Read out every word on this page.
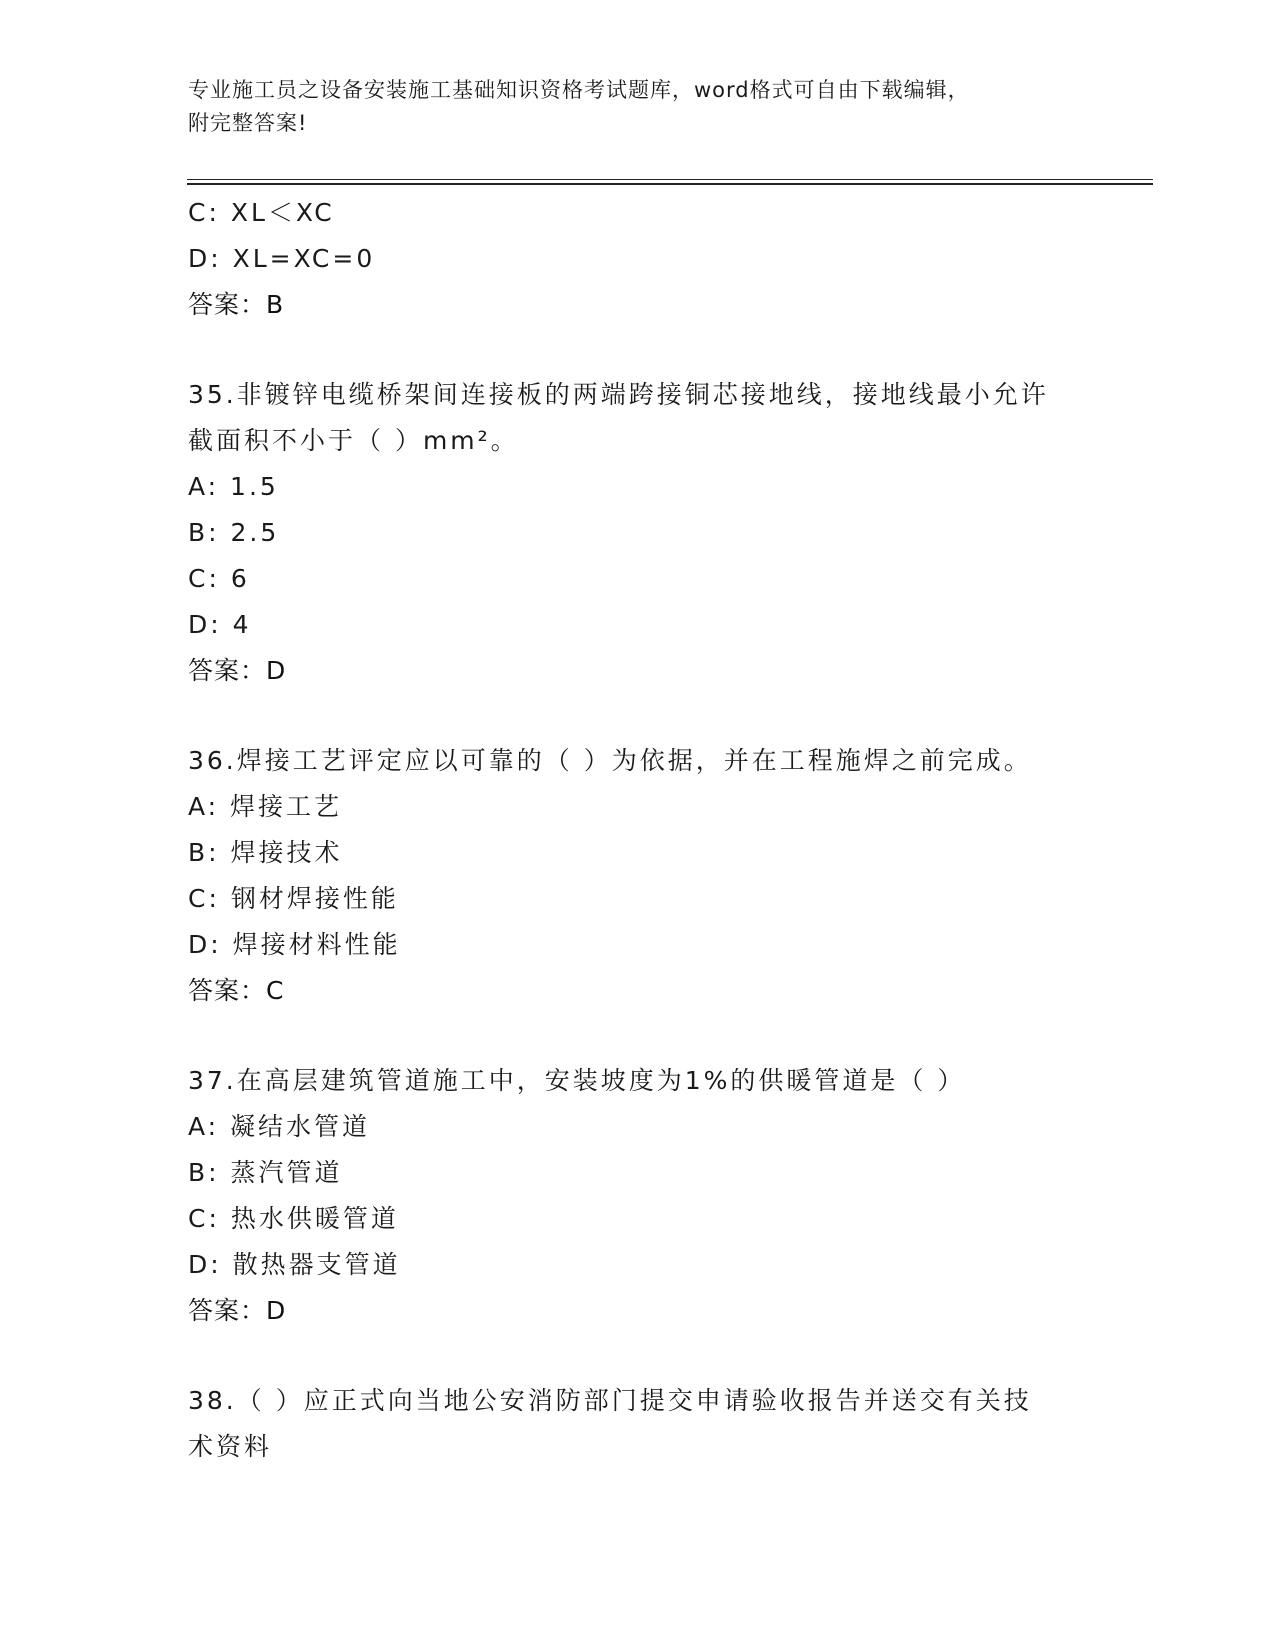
专业施工员之设备安装施工基础知识资格考试题库，word格式可自由下载编辑，
附完整答案!
C: XL＜XC
D: XL=XC=0
答案：B
35.非镀锌电缆桥架间连接板的两端跨接铜芯接地线，接地线最小允许
截面积不小于（ ）mm²。
A: 1.5
B: 2.5
C: 6
D: 4
答案：D
36.焊接工艺评定应以可靠的（ ）为依据，并在工程施焊之前完成。
A: 焊接工艺
B: 焊接技术
C: 钢材焊接性能
D: 焊接材料性能
答案：C
37.在高层建筑管道施工中，安装坡度为1%的供暖管道是（ ）
A: 凝结水管道
B: 蒸汽管道
C: 热水供暖管道
D: 散热器支管道
答案：D
38.（ ）应正式向当地公安消防部门提交申请验收报告并送交有关技
术资料
